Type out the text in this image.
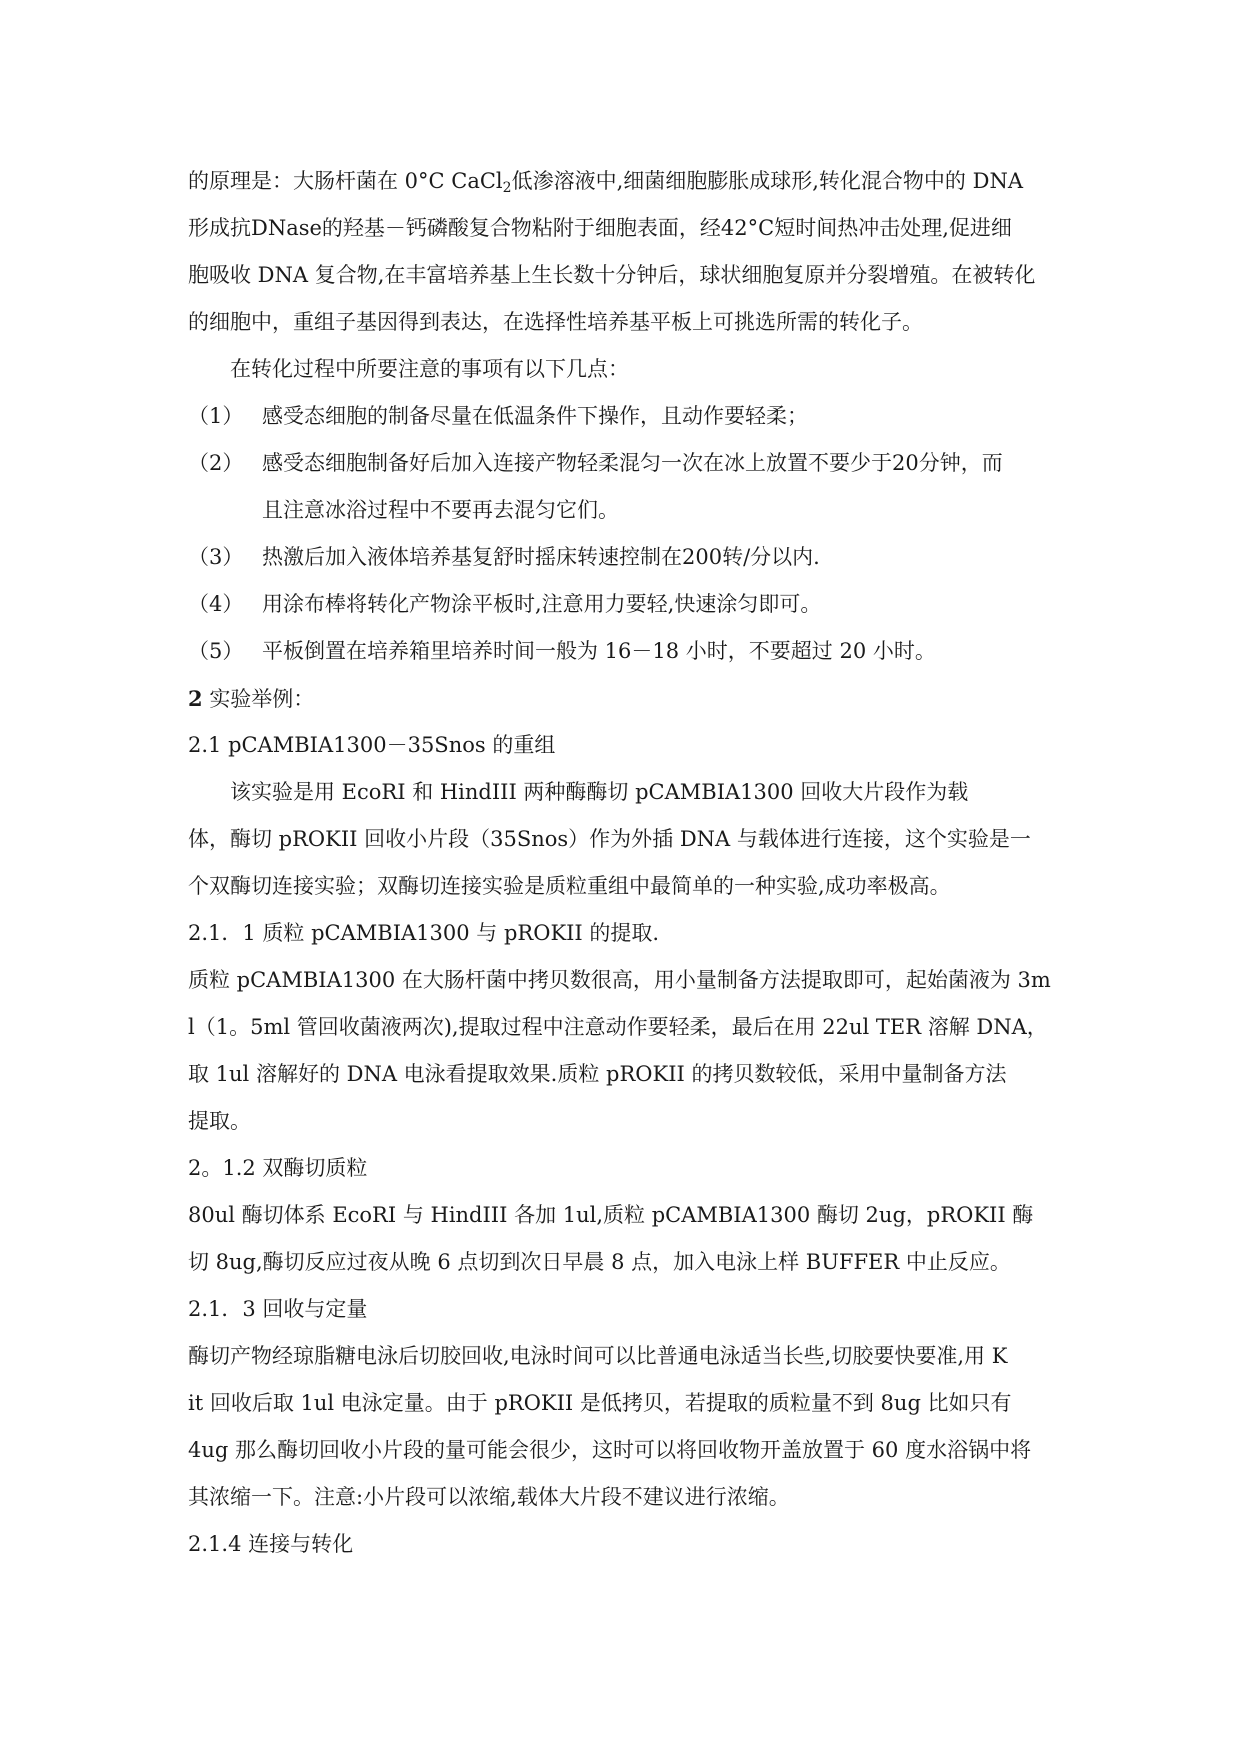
的原理是：大肠杆菌在 0°C CaCl$_2$低渗溶液中,细菌细胞膨胀成球形,转化混合物中的 DNA
形成抗DNase的羟基－钙磷酸复合物粘附于细胞表面，经42°C短时间热冲击处理,促进细
胞吸收 DNA 复合物,在丰富培养基上生长数十分钟后，球状细胞复原并分裂增殖。在被转化
的细胞中，重组子基因得到表达，在选择性培养基平板上可挑选所需的转化子。
在转化过程中所要注意的事项有以下几点：
（1） 感受态细胞的制备尽量在低温条件下操作，且动作要轻柔；
（2） 感受态细胞制备好后加入连接产物轻柔混匀一次在冰上放置不要少于20分钟，而
且注意冰浴过程中不要再去混匀它们。
（3） 热激后加入液体培养基复舒时摇床转速控制在200转/分以内.
（4） 用涂布棒将转化产物涂平板时,注意用力要轻,快速涂匀即可。
（5） 平板倒置在培养箱里培养时间一般为 16－18 小时，不要超过 20 小时。
2 实验举例：
2.1 pCAMBIA1300－35Snos 的重组
该实验是用 EcoRI 和 HindIII 两种酶酶切 pCAMBIA1300 回收大片段作为载
体，酶切 pROKII 回收小片段（35Snos）作为外插 DNA 与载体进行连接，这个实验是一
个双酶切连接实验；双酶切连接实验是质粒重组中最简单的一种实验,成功率极高。
2.1．1 质粒 pCAMBIA1300 与 pROKII 的提取.
质粒 pCAMBIA1300 在大肠杆菌中拷贝数很高，用小量制备方法提取即可，起始菌液为 3m
l（1。5ml 管回收菌液两次),提取过程中注意动作要轻柔，最后在用 22ul TER 溶解 DNA，
取 1ul 溶解好的 DNA 电泳看提取效果.质粒 pROKII 的拷贝数较低，采用中量制备方法
提取。
2。1.2 双酶切质粒
80ul 酶切体系 EcoRI 与 HindIII 各加 1ul,质粒 pCAMBIA1300 酶切 2ug，pROKII 酶
切 8ug,酶切反应过夜从晚 6 点切到次日早晨 8 点，加入电泳上样 BUFFER 中止反应。
2.1．3 回收与定量
酶切产物经琼脂糖电泳后切胶回收,电泳时间可以比普通电泳适当长些,切胶要快要准,用 K
it 回收后取 1ul 电泳定量。由于 pROKII 是低拷贝，若提取的质粒量不到 8ug 比如只有
4ug 那么酶切回收小片段的量可能会很少，这时可以将回收物开盖放置于 60 度水浴锅中将
其浓缩一下。注意:小片段可以浓缩,载体大片段不建议进行浓缩。
2.1.4 连接与转化
